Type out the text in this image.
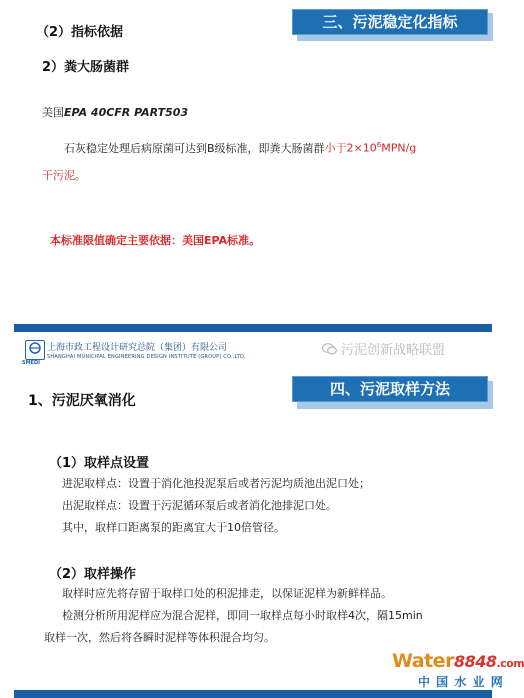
（2）指标依据
三、污泥稳定化指标
2）粪大肠菌群
美国EPA 40CFR PART503
石灰稳定处理后病原菌可达到B级标准，即粪大肠菌群小于$2\times 10^6MPN/g$
干污泥。
本标准限值确定主要依据：美国EPA标准。
SMEDI
上海市政工程设计研究总院（集团）有限公司
SHANGHAI MUNICIPAL ENGINEERING DESIGN INSTITUTE (GROUP) CO.,LTD.	污泥创新战略联盟
1、污泥厌氧消化
四、污泥取样方法
（1）取样点设置
进泥取样点：设置于消化池投泥泵后或者污泥均质池出泥口处；
出泥取样点：设置于污泥循环泵后或者消化池排泥口处。
其中，取样口距离泵的距离宜大于10倍管径。
（2）取样操作
取样时应先将存留于取样口处的积泥排走，以保证泥样为新鲜样品。
检测分析所用泥样应为混合泥样，即同一取样点每小时取样4次，隔15min
取样一次，然后将各瞬时泥样等体积混合均匀。
Water8848.com
中 国 水 业 网
